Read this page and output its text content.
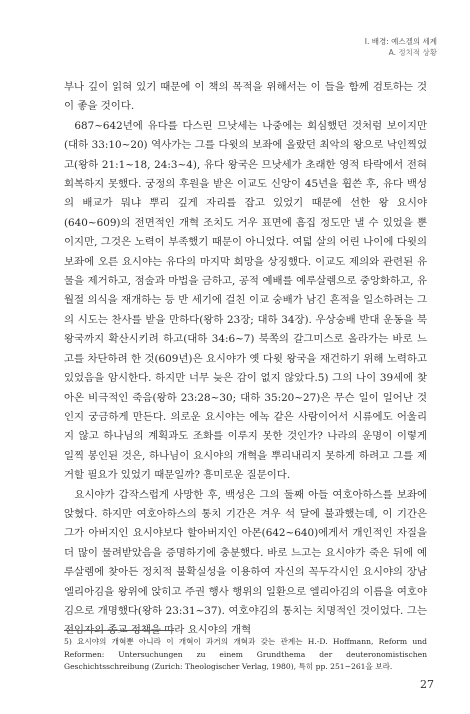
I. 배경: 예스겔의 세계
A. 정치적 상황

부나 깊이 읽혀 있기 때문에 이 책의 목적을 위해서는 이 들을 함께 검토하는 것이 좋을 것이다.

687~642년에 유다를 다스린 므낫세는 나중에는 회심했던 것처럼 보이지만(대하 33:10~20) 역사가는 그를 다윗의 보좌에 올랐던 최악의 왕으로 낙인찍었고(왕하 21:1~18, 24:3~4), 유다 왕국은 므낫세가 초래한 영적 타락에서 전혀 회복하지 못했다. 궁정의 후원을 받은 이교도 신앙이 45년을 휩쓴 후, 유다 백성의 배교가 뭐냐 뿌리 깊게 자리를 잡고 있었기 때문에 선한 왕 요시야(640~609)의 전면적인 개혁 조치도 거우 표면에 흠집 정도만 낼 수 있었을 뿐이지만, 그것은 노력이 부족했기 때문이 아니었다. 여덟 살의 어린 나이에 다윗의 보좌에 오른 요시야는 유다의 마지막 희망을 상징했다. 이교도 제의와 관련된 유물을 제거하고, 점술과 마법을 금하고, 공적 예배를 예루살렘으로 중앙화하고, 유월절 의식을 재개하는 등 반 세기에 걸친 이교 숭배가 남긴 흔적을 일소하려는 그의 시도는 찬사를 받을 만하다(왕하 23장; 대하 34장). 우상숭배 반대 운동을 북왕국까지 확산시키려 하고(대하 34:6~7) 북쪽의 갈그미스로 올라가는 바로 느고를 차단하려 한 것(609년)은 요시야가 옛 다윗 왕국을 재건하기 위해 노력하고 있었음을 암시한다. 하지만 너무 늦은 감이 없지 않았다.5) 그의 나이 39세에 찾아온 비극적인 죽음(왕하 23:28~30; 대하 35:20~27)은 무슨 일이 일어난 것인지 궁금하게 만든다. 의로운 요시야는 에녹 같은 사람이어서 시류에도 어울리지 않고 하나님의 계획과도 조화를 이루지 못한 것인가? 나라의 운명이 이렇게 일찍 봉인된 것은, 하나님이 요시야의 개혁을 뿌리내리지 못하게 하려고 그를 제거할 필요가 있었기 때문일까? 흥미로운 질문이다.

요시야가 갑작스럽게 사망한 후, 백성은 그의 둘째 아들 여호아하스를 보좌에 앉혔다. 하지만 여호아하스의 통치 기간은 겨우 석 달에 불과했는데, 이 기간은 그가 아버지인 요시야보다 할아버지인 아몬(642~640)에게서 개인적인 자질을 더 많이 물려받았음을 증명하기에 충분했다. 바로 느고는 요시야가 죽은 뒤에 예루살렘에 찾아든 정치적 불확실성을 이용하여 자신의 꼭두각시인 요시야의 장남 엘리아김을 왕위에 앉히고 주권 행사 행위의 일환으로 엘리아김의 이름을 여호야김으로 개명했다(왕하 23:31~37). 여호야김의 통치는 치명적인 것이었다. 그는 전임자의 종교 정책을 따라 요시야의 개혁

5) 요시야의 개혁뿐 아니라 이 개혁이 과거의 개혁과 갖는 관계는 H.-D. Hoffmann, Reform und Reformen: Untersuchungen zu einem Grundthema der deuteronomistischen Geschichtsschreibung (Zurich: Theologischer Verlag, 1980), 특히 pp. 251~261을 보라.

27
